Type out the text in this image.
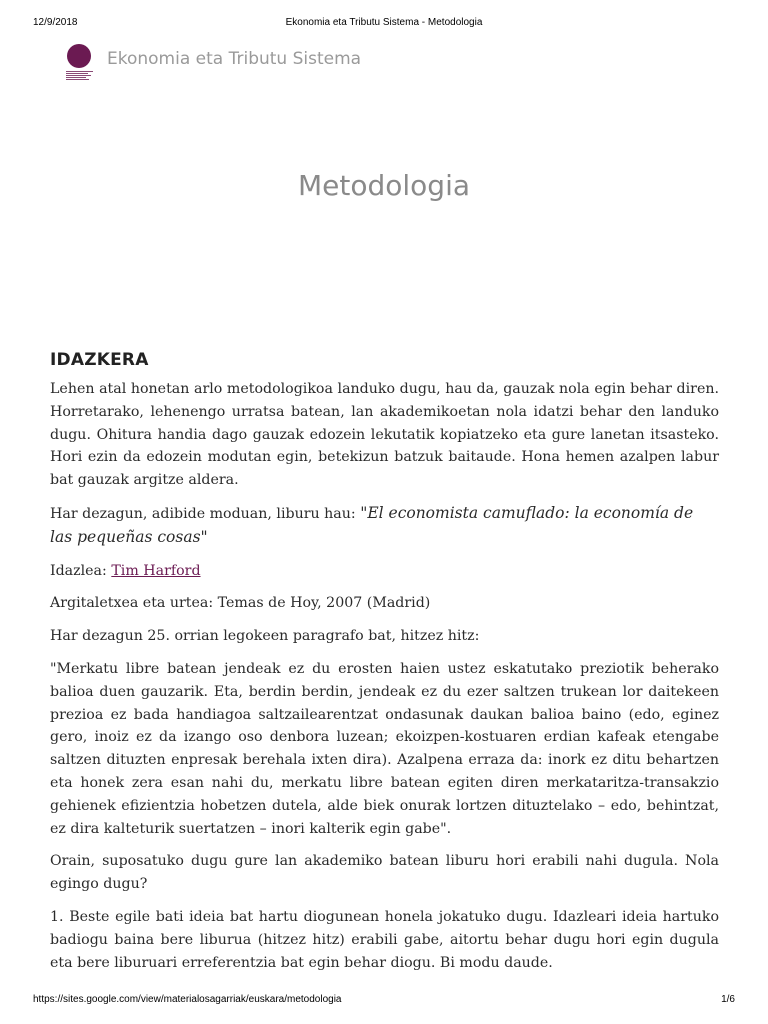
12/9/2018	Ekonomia eta Tributu Sistema - Metodologia
Ekonomia eta Tributu Sistema
Metodologia
IDAZKERA

Lehen atal honetan arlo metodologikoa landuko dugu, hau da, gauzak nola egin behar diren. Horretarako, lehenengo urratsa batean, lan akademikoetan nola idatzi behar den landuko dugu. Ohitura handia dago gauzak edozein lekutatik kopiatzeko eta gure lanetan itsasteko. Hori ezin da edozein modutan egin, betekizun batzuk baitaude. Hona hemen azalpen labur bat gauzak argitze aldera.

Har dezagun, adibide moduan, liburu hau: "El economista camuflado: la economía de las pequeñas cosas"

Idazlea: Tim Harford

Argitaletxea eta urtea: Temas de Hoy, 2007 (Madrid)

Har dezagun 25. orrian legokeen paragrafo bat, hitzez hitz:

"Merkatu libre batean jendeak ez du erosten haien ustez eskatutako preziotik beherako balioa duen gauzarik. Eta, berdin berdin, jendeak ez du ezer saltzen trukean lor daitekeen prezioa ez bada handiagoa saltzailearentzat ondasunak daukan balioa baino (edo, eginez gero, inoiz ez da izango oso denbora luzean; ekoizpen-kostuaren erdian kafeak etengabe saltzen dituzten enpresak berehala ixten dira). Azalpena erraza da: inork ez ditu behartzen eta honek zera esan nahi du, merkatu libre batean egiten diren merkataritza-transakzio gehienek efizientzia hobetzen dutela, alde biek onurak lortzen dituztelako – edo, behintzat, ez dira kalteturik suertatzen – inori kalterik egin gabe".

Orain, suposatuko dugu gure lan akademiko batean liburu hori erabili nahi dugula. Nola egingo dugu?

1. Beste egile bati ideia bat hartu diogunean honela jokatuko dugu. Idazleari ideia hartuko badiogu baina bere liburua (hitzez hitz) erabili gabe, aitortu behar dugu hori egin dugula eta bere liburuari erreferentzia bat egin behar diogu. Bi modu daude.

https://sites.google.com/view/materialosagarriak/euskara/metodologia	1/6
